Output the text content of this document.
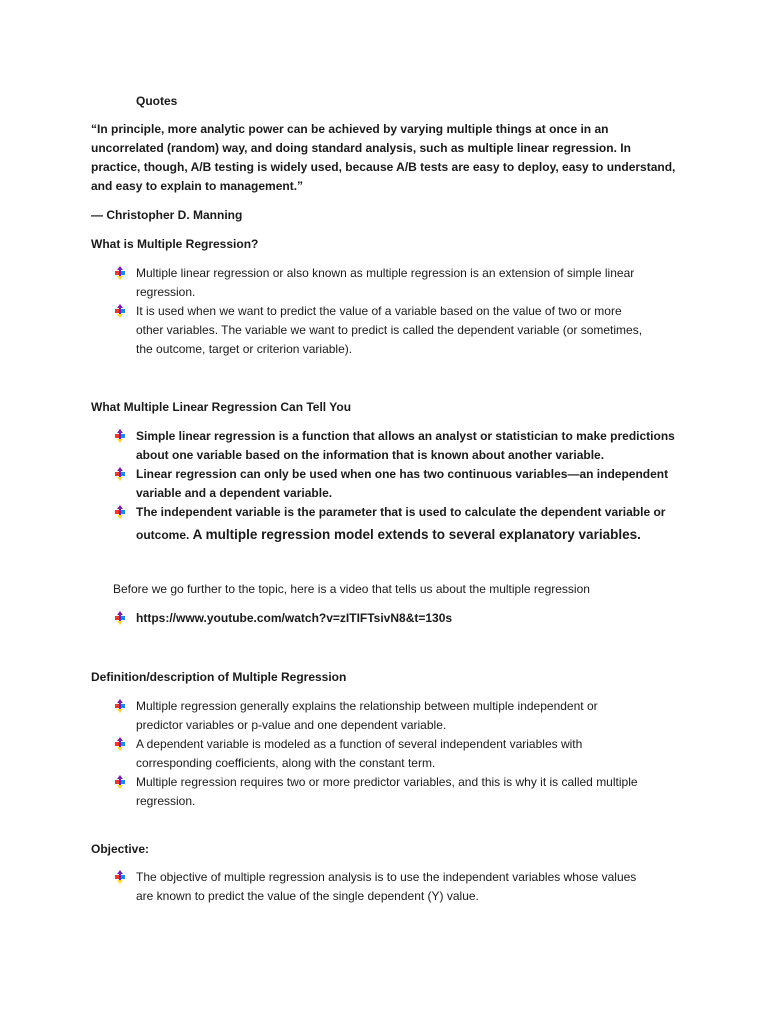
Quotes
“In principle, more analytic power can be achieved by varying multiple things at once in an
uncorrelated (random) way, and doing standard analysis, such as multiple linear regression. In
practice, though, A/B testing is widely used, because A/B tests are easy to deploy, easy to understand,
and easy to explain to management.”
— Christopher D. Manning
What is Multiple Regression?
Multiple linear regression or also known as multiple regression is an extension of simple linear
regression.
It is used when we want to predict the value of a variable based on the value of two or more
other variables. The variable we want to predict is called the dependent variable (or sometimes,
the outcome, target or criterion variable).
What Multiple Linear Regression Can Tell You
Simple linear regression is a function that allows an analyst or statistician to make predictions
about one variable based on the information that is known about another variable.
Linear regression can only be used when one has two continuous variables—an independent
variable and a dependent variable.
The independent variable is the parameter that is used to calculate the dependent variable or
outcome. A multiple regression model extends to several explanatory variables.
Before we go further to the topic, here is a video that tells us about the multiple regression
https://www.youtube.com/watch?v=zITIFTsivN8&t=130s
Definition/description of Multiple Regression
Multiple regression generally explains the relationship between multiple independent or
predictor variables or p-value and one dependent variable.
A dependent variable is modeled as a function of several independent variables with
corresponding coefficients, along with the constant term.
Multiple regression requires two or more predictor variables, and this is why it is called multiple
regression.
Objective:
The objective of multiple regression analysis is to use the independent variables whose values
are known to predict the value of the single dependent (Y) value.
